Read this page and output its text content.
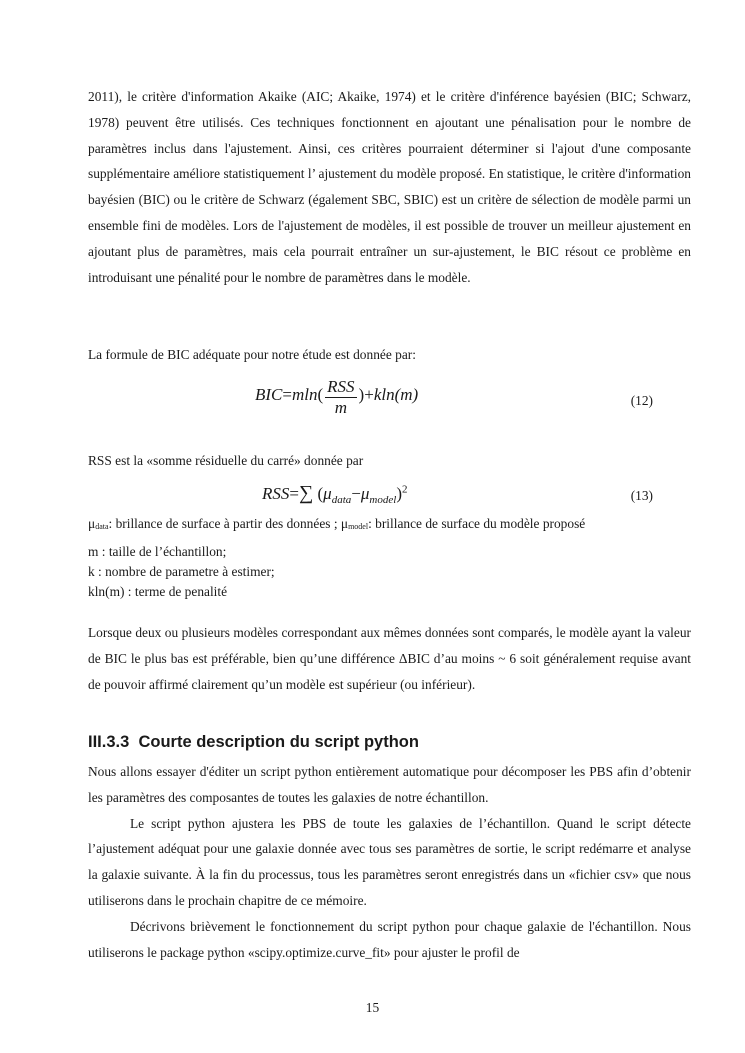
2011), le critère d'information Akaike (AIC; Akaike, 1974) et le critère d'inférence bayésien (BIC; Schwarz, 1978) peuvent être utilisés. Ces techniques fonctionnent en ajoutant une pénalisation pour le nombre de paramètres inclus dans l'ajustement. Ainsi, ces critères pourraient déterminer si l'ajout d'une composante supplémentaire améliore statistiquement l’ ajustement du modèle proposé. En statistique, le critère d'information bayésien (BIC) ou le critère de Schwarz (également SBC, SBIC) est un critère de sélection de modèle parmi un ensemble fini de modèles. Lors de l'ajustement de modèles, il est possible de trouver un meilleur ajustement en ajoutant plus de paramètres, mais cela pourrait entraîner un sur-ajustement, le BIC résout ce problème en introduisant une pénalité pour le nombre de paramètres dans le modèle.

La formule de BIC adéquate pour notre étude est donnée par:

$BIC=mln( \frac{\text{RSS}}{m} )+kln(m)$	(12)

RSS est la «somme résiduelle du carré» donnée par

RSS=∑ $(\mu_{data}-\mu_{model})^2$	(13)

μdata: brillance de surface à partir des données ; μmodel: brillance de surface du modèle proposé

m : taille de l’échantillon;

k : nombre de parametre à estimer;

kln(m) : terme de penalité

Lorsque deux ou plusieurs modèles correspondant aux mêmes données sont comparés, le modèle ayant la valeur de BIC le plus bas est préférable, bien qu’une différence ΔBIC d’au moins ~ 6 soit généralement requise avant de pouvoir affirmé clairement qu’un modèle est supérieur (ou inférieur).

III.3.3 Courte description du script python

Nous allons essayer d'éditer un script python entièrement automatique pour décomposer les PBS afin d’obtenir les paramètres des composantes de toutes les galaxies de notre échantillon.

Le script python ajustera les PBS de toute les galaxies de l’échantillon. Quand le script détecte l’ajustement adéquat pour une galaxie donnée avec tous ses paramètres de sortie, le script redémarre et analyse la galaxie suivante. À la fin du processus, tous les paramètres seront enregistrés dans un «fichier csv» que nous utiliserons dans le prochain chapitre de ce mémoire.

Décrivons brièvement le fonctionnement du script python pour chaque galaxie de l'échantillon. Nous utiliserons le package python «scipy.optimize.curve_fit» pour ajuster le profil de

15
